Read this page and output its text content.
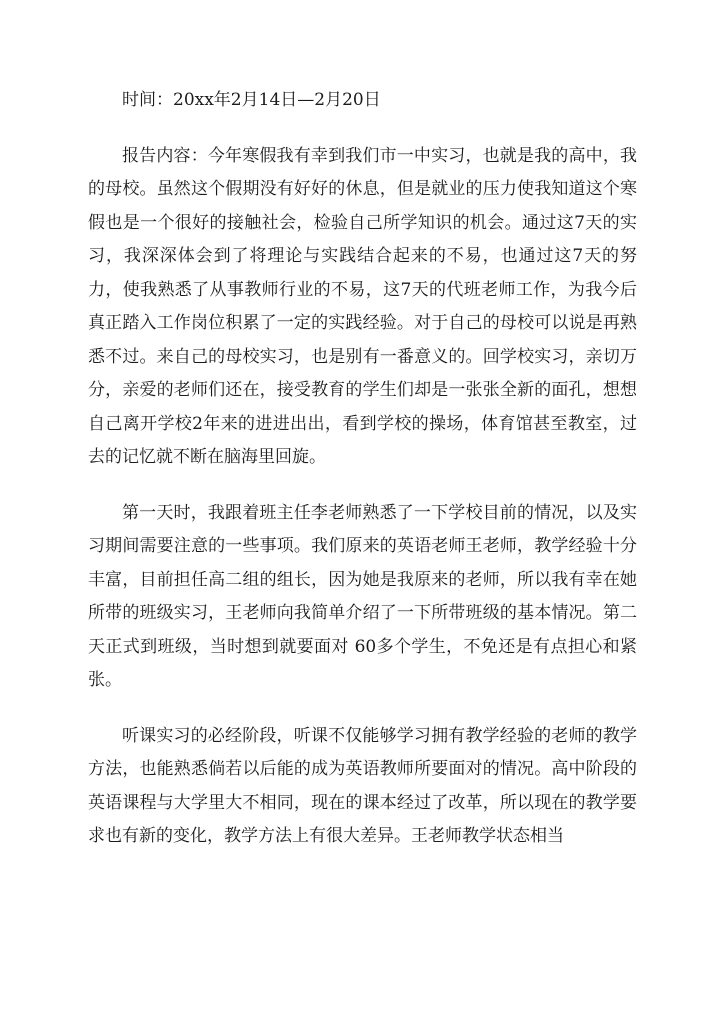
时间：20xx年2月14日—2月20日

报告内容：今年寒假我有幸到我们市一中实习，也就是我的高中，我的母校。虽然这个假期没有好好的休息，但是就业的压力使我知道这个寒假也是一个很好的接触社会，检验自己所学知识的机会。通过这7天的实习，我深深体会到了将理论与实践结合起来的不易，也通过这7天的努力，使我熟悉了从事教师行业的不易，这7天的代班老师工作，为我今后真正踏入工作岗位积累了一定的实践经验。对于自己的母校可以说是再熟悉不过。来自己的母校实习，也是别有一番意义的。回学校实习，亲切万分，亲爱的老师们还在，接受教育的学生们却是一张张全新的面孔，想想自己离开学校2年来的进进出出，看到学校的操场，体育馆甚至教室，过去的记忆就不断在脑海里回旋。

第一天时，我跟着班主任李老师熟悉了一下学校目前的情况，以及实习期间需要注意的一些事项。我们原来的英语老师王老师，教学经验十分丰富，目前担任高二组的组长，因为她是我原来的老师，所以我有幸在她所带的班级实习，王老师向我简单介绍了一下所带班级的基本情况。第二天正式到班级，当时想到就要面对 60多个学生，不免还是有点担心和紧张。

听课实习的必经阶段，听课不仅能够学习拥有教学经验的老师的教学方法，也能熟悉倘若以后能的成为英语教师所要面对的情况。高中阶段的英语课程与大学里大不相同，现在的课本经过了改革，所以现在的教学要求也有新的变化，教学方法上有很大差异。王老师教学状态相当
